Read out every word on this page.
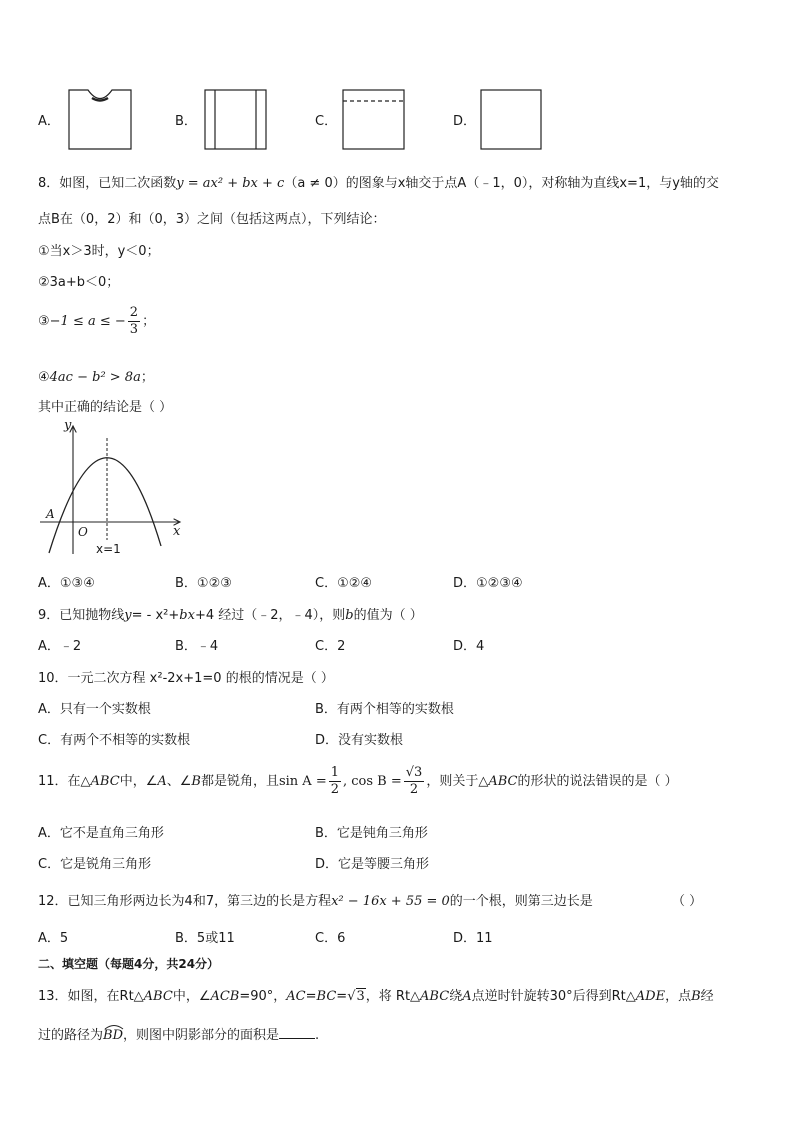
A．	B．	C．	D．
8．如图，已知二次函数y = ax² + bx + c（a ≠ 0）的图象与x轴交于点A（﹣1，0），对称轴为直线x=1，与y轴的交
点B在（0，2）和（0，3）之间（包括这两点），下列结论：
①当x＞3时，y＜0；
②3a+b＜0；
③−1 ≤ a ≤ − $\frac{2}{3}$ ；
④4ac − b² > 8a；
其中正确的结论是（ ）
y
x
O
A
x=1
A．①③④	B．①②③	C．①②④	D．①②③④
9．已知抛物线y= - x²+bx+4 经过（﹣2，﹣4），则b的值为（ ）
A．﹣2	B．﹣4	C．2	D．4
10．一元二次方程 x²-2x+1=0 的根的情况是（ ）
A．只有一个实数根	B．有两个相等的实数根
C．有两个不相等的实数根	D．没有实数根
11．在△ABC中，∠A、∠B都是锐角，且$\sin A = \frac{1}{2}$ , $\cos B = \frac{√3}{2}$ ，则关于△ABC的形状的说法错误的是（ ）
A．它不是直角三角形	B．它是钝角三角形
C．它是锐角三角形	D．它是等腰三角形
12．已知三角形两边长为4和7，第三边的长是方程x² − 16x + 55 = 0的一个根，则第三边长是	（ ）
A．5	B．5或11	C．6	D．11
二、填空题（每题4分，共24分）
13．如图，在Rt△ABC中，∠ACB=90°，AC=BC=√3，将 Rt△ABC绕A点逆时针旋转30°后得到Rt△ADE，点B经
过的路径为
BD，则图中阴影部分的面积是	.
